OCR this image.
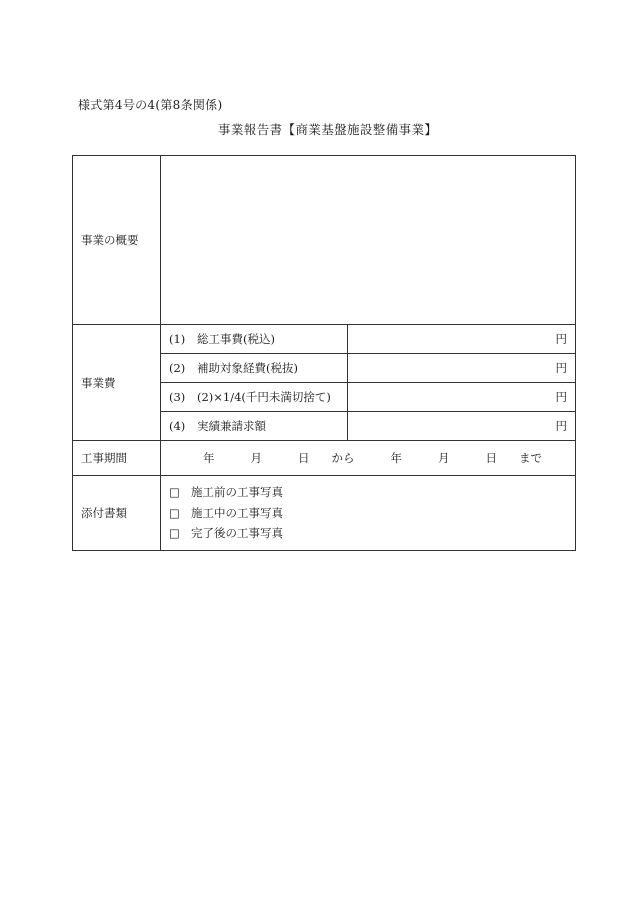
様式第4号の4(第8条関係)
事業報告書【商業基盤施設整備事業】
事業の概要		
事業費	(1) 総工事費(税込)	円
	(2) 補助対象経費(税抜)	円
	(3) (2)×1/4(千円未満切捨て)	円
	(4) 実績兼請求額	円
工事期間	年 月 日 から 年 月 日 まで	

添付書類	□ 施工前の工事写真
□ 施工中の工事写真
□ 完了後の工事写真	
